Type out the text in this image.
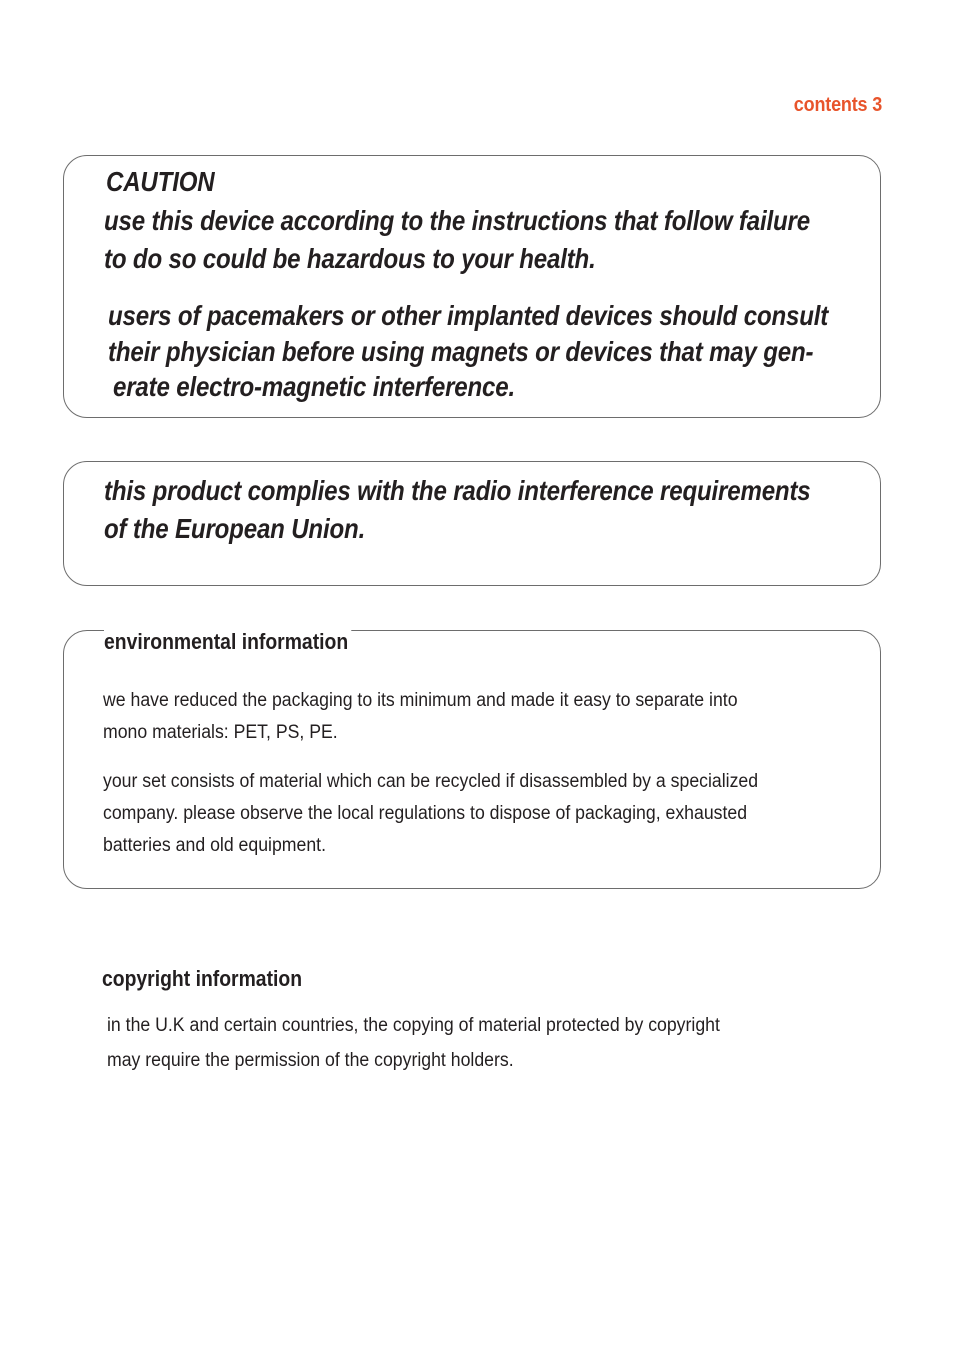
contents 3
CAUTION
use this device according to the instructions that follow failure
to do so could be hazardous to your health.
users of pacemakers or other implanted devices should consult
their physician before using magnets or devices that may gen-
erate electro-magnetic interference.
this product complies with the radio interference requirements
of the European Union.
environmental information
we have reduced the packaging to its minimum and made it easy to separate into
mono materials: PET, PS, PE.
your set consists of material which can be recycled if disassembled by a specialized
company. please observe the local regulations to dispose of packaging, exhausted
batteries and old equipment.
copyright information
in the U.K and certain countries, the copying of material protected by copyright
may require the permission of the copyright holders.
